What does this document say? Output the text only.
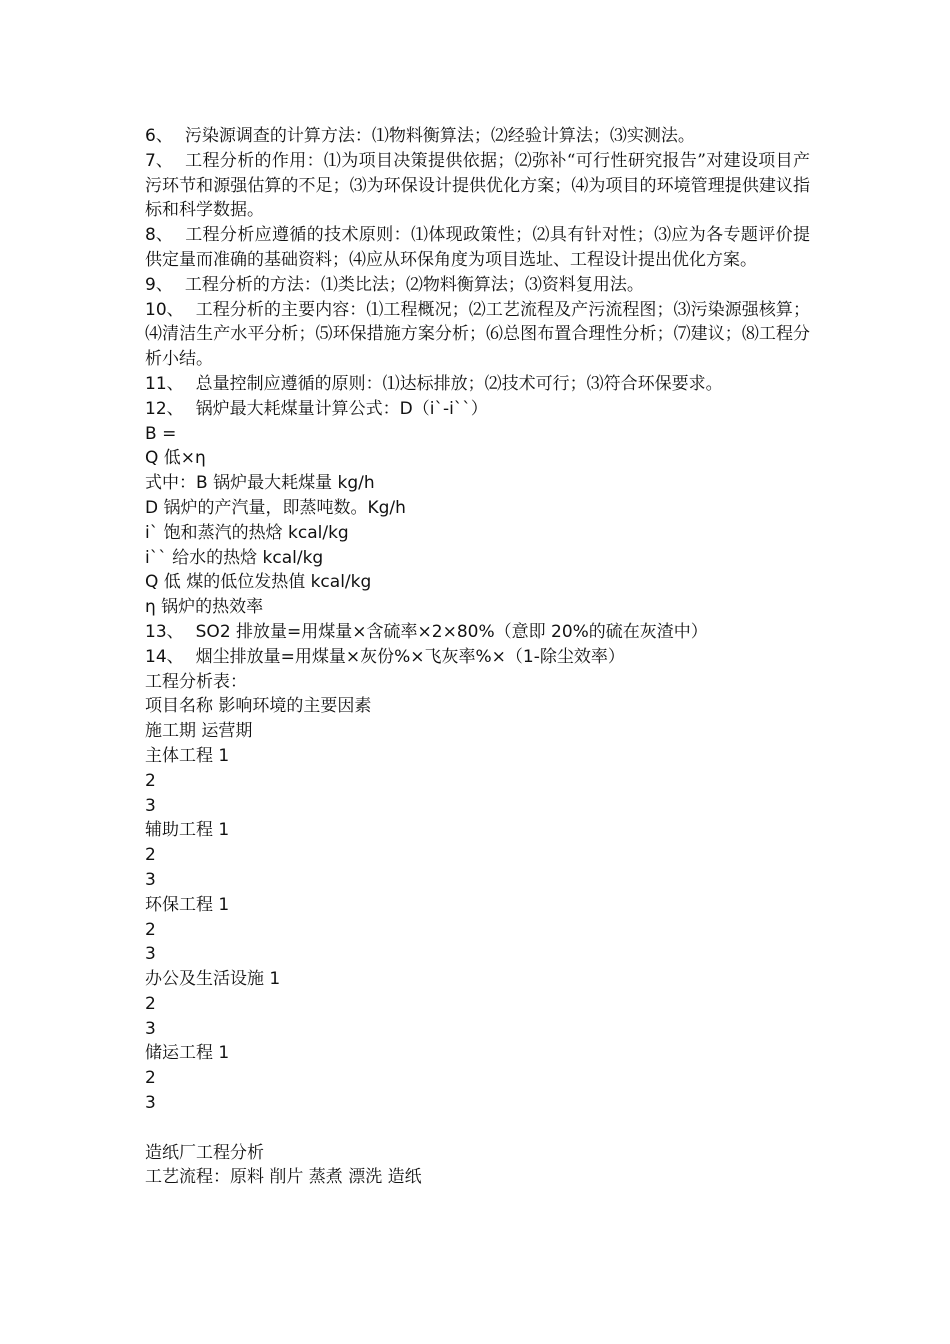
6、 污染源调查的计算方法：⑴物料衡算法；⑵经验计算法；⑶实测法。
7、 工程分析的作用：⑴为项目决策提供依据；⑵弥补“可行性研究报告”对建设项目产污环节和源强估算的不足；⑶为环保设计提供优化方案；⑷为项目的环境管理提供建议指标和科学数据。
8、 工程分析应遵循的技术原则：⑴体现政策性；⑵具有针对性；⑶应为各专题评价提供定量而准确的基础资料；⑷应从环保角度为项目选址、工程设计提出优化方案。
9、 工程分析的方法：⑴类比法；⑵物料衡算法；⑶资料复用法。
10、 工程分析的主要内容：⑴工程概况；⑵工艺流程及产污流程图；⑶污染源强核算；⑷清洁生产水平分析；⑸环保措施方案分析；⑹总图布置合理性分析；⑺建议；⑻工程分析小结。
11、 总量控制应遵循的原则：⑴达标排放；⑵技术可行；⑶符合环保要求。
12、 锅炉最大耗煤量计算公式：D（i`-i``）
B =
Q 低×η
式中：B 锅炉最大耗煤量 kg/h
D 锅炉的产汽量，即蒸吨数。Kg/h
i` 饱和蒸汽的热焓 kcal/kg
i`` 给水的热焓 kcal/kg
Q 低 煤的低位发热值 kcal/kg
η 锅炉的热效率
13、 SO2 排放量=用煤量×含硫率×2×80%（意即 20%的硫在灰渣中）
14、 烟尘排放量=用煤量×灰份%×飞灰率%×（1-除尘效率）
工程分析表：
项目名称 影响环境的主要因素
施工期 运营期
主体工程 1
2
3
辅助工程 1
2
3
环保工程 1
2
3
办公及生活设施 1
2
3
储运工程 1
2
3
造纸厂工程分析
工艺流程：原料 削片 蒸煮 漂洗 造纸
